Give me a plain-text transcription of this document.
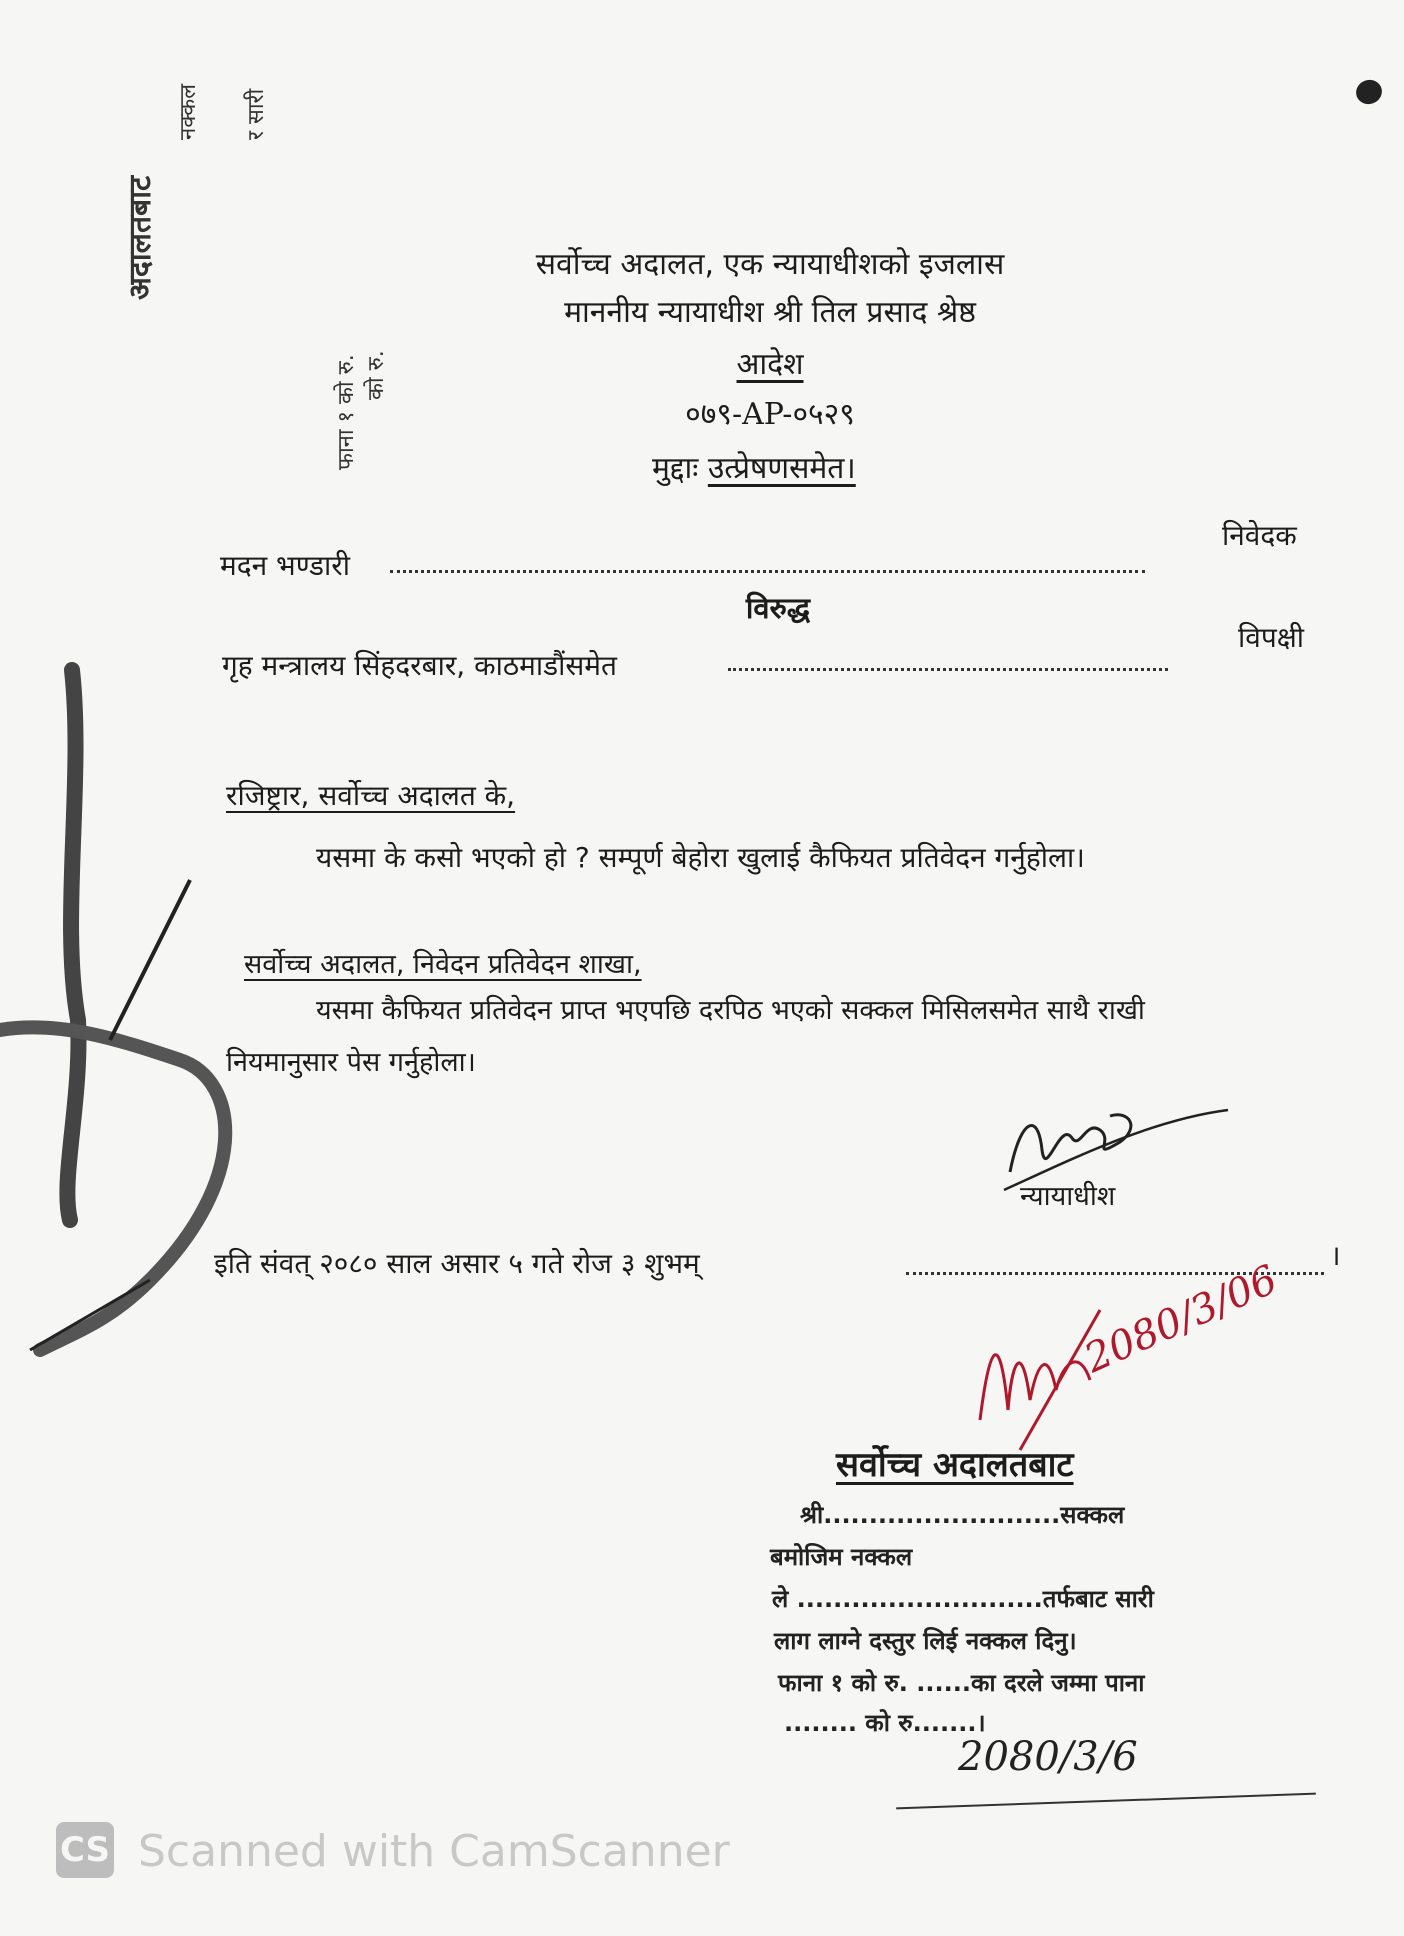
अदालतबाट
नक्कल र सारी
फाना १ को रु. को रु.
सर्वोच्च अदालत, एक न्यायाधीशको इजलास
माननीय न्यायाधीश श्री तिल प्रसाद श्रेष्ठ
आदेश
०७९-AP-०५२९
मुद्दाः उत्प्रेषणसमेत।
मदन भण्डारी
निवेदक
विरुद्ध
गृह मन्त्रालय सिंहदरबार, काठमाडौंसमेत
विपक्षी
रजिष्ट्रार, सर्वोच्च अदालत के,
यसमा के कसो भएको हो ? सम्पूर्ण बेहोरा खुलाई कैफियत प्रतिवेदन गर्नुहोला।
सर्वोच्च अदालत, निवेदन प्रतिवेदन शाखा,
यसमा कैफियत प्रतिवेदन प्राप्त भएपछि दरपिठ भएको सक्कल मिसिलसमेत साथै राखी
नियमानुसार पेस गर्नुहोला।
न्यायाधीश
इति संवत् २०८० साल असार ५ गते रोज ३ शुभम्	।
2080/3/06
सर्वोच्च अदालतबाट
श्री..........................सक्कल
बमोजिम नक्कल
ले ...........................तर्फबाट सारी
लाग लाग्ने दस्तुर लिई नक्कल दिनु।
फाना १ को रु. ......का दरले जम्मा पाना
........ को रु.......।
2080/3/6
CS Scanned with CamScanner
